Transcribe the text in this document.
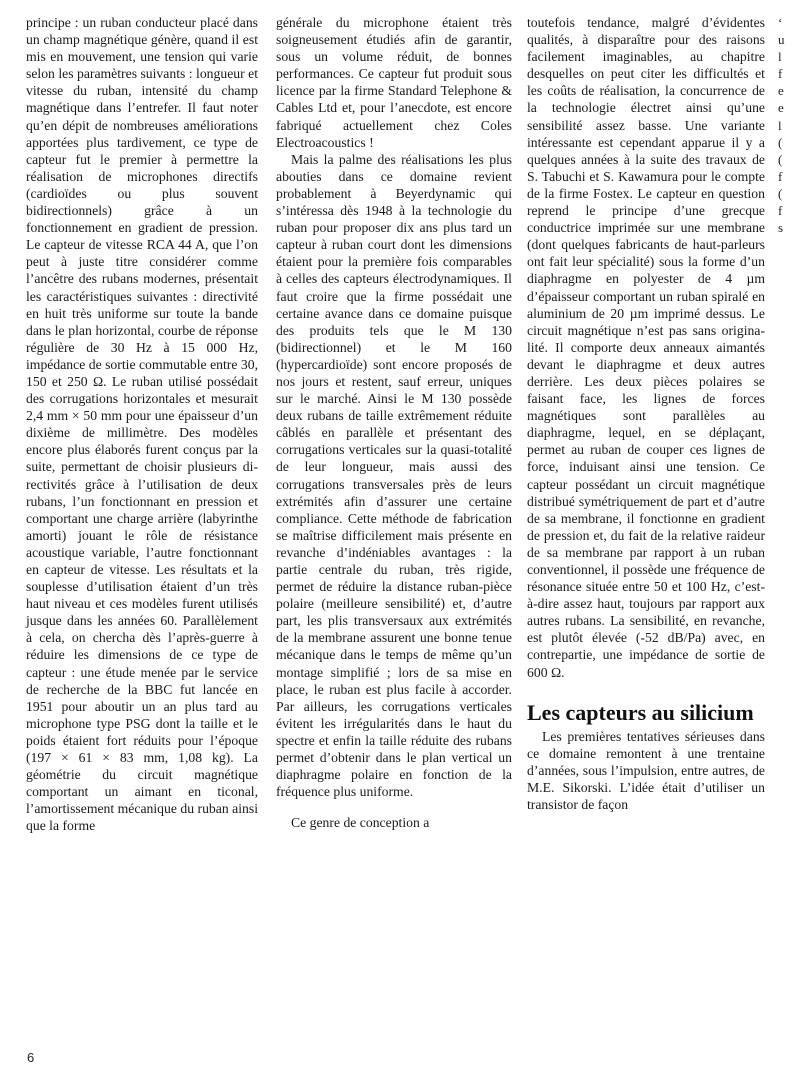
principe : un ruban conducteur placé dans un champ magnétique génère, quand il est mis en mouvement, une tension qui varie selon les paramètres suivants : longueur et vitesse du ruban, intensité du champ magnétique dans l’entrefer. Il faut noter qu’en dépit de nombreuses améliorations apportées plus tardivement, ce type de capteur fut le premier à permettre la réalisation de microphones directifs (cardioïdes ou plus souvent bidirectionnels) grâce à un fonctionnement en gradient de pression. Le capteur de vitesse RCA 44 A, que l’on peut à juste titre considérer comme l’ancêtre des rubans modernes, présentait les caractéristiques suivantes : directivité en huit très uniforme sur toute la bande dans le plan horizontal, courbe de réponse régulière de 30 Hz à 15 000 Hz, impédance de sortie commutable entre 30, 150 et 250 Ω. Le ruban utilisé possédait des corrugations horizontales et mesurait 2,4 mm × 50 mm pour une épaisseur d’un dixième de millimètre. Des modèles encore plus élaborés furent conçus par la suite, permettant de choisir plusieurs directivités grâce à l’utilisation de deux rubans, l’un fonctionnant en pression et comportant une charge arrière (labyrinthe amorti) jouant le rôle de résistance acoustique variable, l’autre fonctionnant en capteur de vitesse. Les résultats et la souplesse d’utilisation étaient d’un très haut niveau et ces modèles furent utilisés jusque dans les années 60. Parallèlement à cela, on chercha dès l’après-guerre à réduire les dimensions de ce type de capteur : une étude menée par le service de recherche de la BBC fut lancée en 1951 pour aboutir un an plus tard au microphone type PSG dont la taille et le poids étaient fort réduits pour l’époque (197 × 61 × 83 mm, 1,08 kg). La géométrie du circuit magnétique comportant un aimant en ticonal, l’amortissement mécanique du ruban ainsi que la forme

générale du microphone étaient très soigneusement étudiés afin de garantir, sous un volume réduit, de bonnes performances. Ce capteur fut produit sous licence par la firme Standard Telephone & Cables Ltd et, pour l’anecdote, est encore fabriqué actuellement chez Coles Electroacoustics !

Mais la palme des réalisations les plus abouties dans ce domaine revient probablement à Beyerdynamic qui s’intéressa dès 1948 à la technologie du ruban pour proposer dix ans plus tard un capteur à ruban court dont les dimensions étaient pour la première fois comparables à celles des capteurs électrodynamiques. Il faut croire que la firme possédait une certaine avance dans ce domaine puisque des produits tels que le M 130 (bidirectionnel) et le M 160 (hypercardioïde) sont encore proposés de nos jours et restent, sauf erreur, uniques sur le marché. Ainsi le M 130 possède deux rubans de taille extrêmement réduite câblés en parallèle et présentant des corrugations verticales sur la quasi-totalité de leur longueur, mais aussi des corrugations transversales près de leurs extrémités afin d’assurer une certaine compliance. Cette méthode de fabrication se maîtrise difficilement mais présente en revanche d’indéniables avantages : la partie centrale du ruban, très rigide, permet de réduire la distance ruban-pièce polaire (meilleure sensibilité) et, d’autre part, les plis transversaux aux extrémités de la membrane assurent une bonne tenue mécanique dans le temps de même qu’un montage simplifié ; lors de sa mise en place, le ruban est plus facile à accorder. Par ailleurs, les corrugations verticales évitent les irrégularités dans le haut du spectre et enfin la taille réduite des rubans permet d’obtenir dans le plan vertical un diaphragme polaire en fonction de la fréquence plus uniforme.

Ce genre de conception a

toutefois tendance, malgré d’évidentes qualités, à disparaître pour des raisons facilement imaginables, au chapitre desquelles on peut citer les difficultés et les coûts de réalisation, la concurrence de la technologie électret ainsi qu’une sensibilité assez basse. Une variante intéressante est cependant apparue il y a quelques années à la suite des travaux de S. Tabuchi et S. Kawamura pour le compte de la firme Fostex. Le capteur en question reprend le principe d’une grecque conductrice imprimée sur une membrane (dont quelques fabricants de haut-parleurs ont fait leur spécialité) sous la forme d’un diaphragme en polyester de 4 µm d’épaisseur comportant un ruban spiralé en aluminium de 20 µm imprimé dessus. Le circuit magnétique n’est pas sans originalité. Il comporte deux anneaux aimantés devant le diaphragme et deux autres derrière. Les deux pièces polaires se faisant face, les lignes de forces magnétiques sont parallèles au diaphragme, lequel, en se déplaçant, permet au ruban de couper ces lignes de force, induisant ainsi une tension. Ce capteur possédant un circuit magnétique distribué symétriquement de part et d’autre de sa membrane, il fonctionne en gradient de pression et, du fait de la relative raideur de sa membrane par rapport à un ruban conventionnel, il possède une fréquence de résonance située entre 50 et 100 Hz, c’est-à-dire assez haut, toujours par rapport aux autres rubans. La sensibilité, en revanche, est plutôt élevée (-52 dB/Pa) avec, en contrepartie, une impédance de sortie de 600 Ω.

Les capteurs au silicium

Les premières tentatives sérieuses dans ce domaine remontent à une trentaine d’années, sous l’impulsion, entre autres, de M.E. Sikorski. L’idée était d’utiliser un transistor de façon

‘
u
l
f
e
e
l
(
(
f
(
f
s
6
